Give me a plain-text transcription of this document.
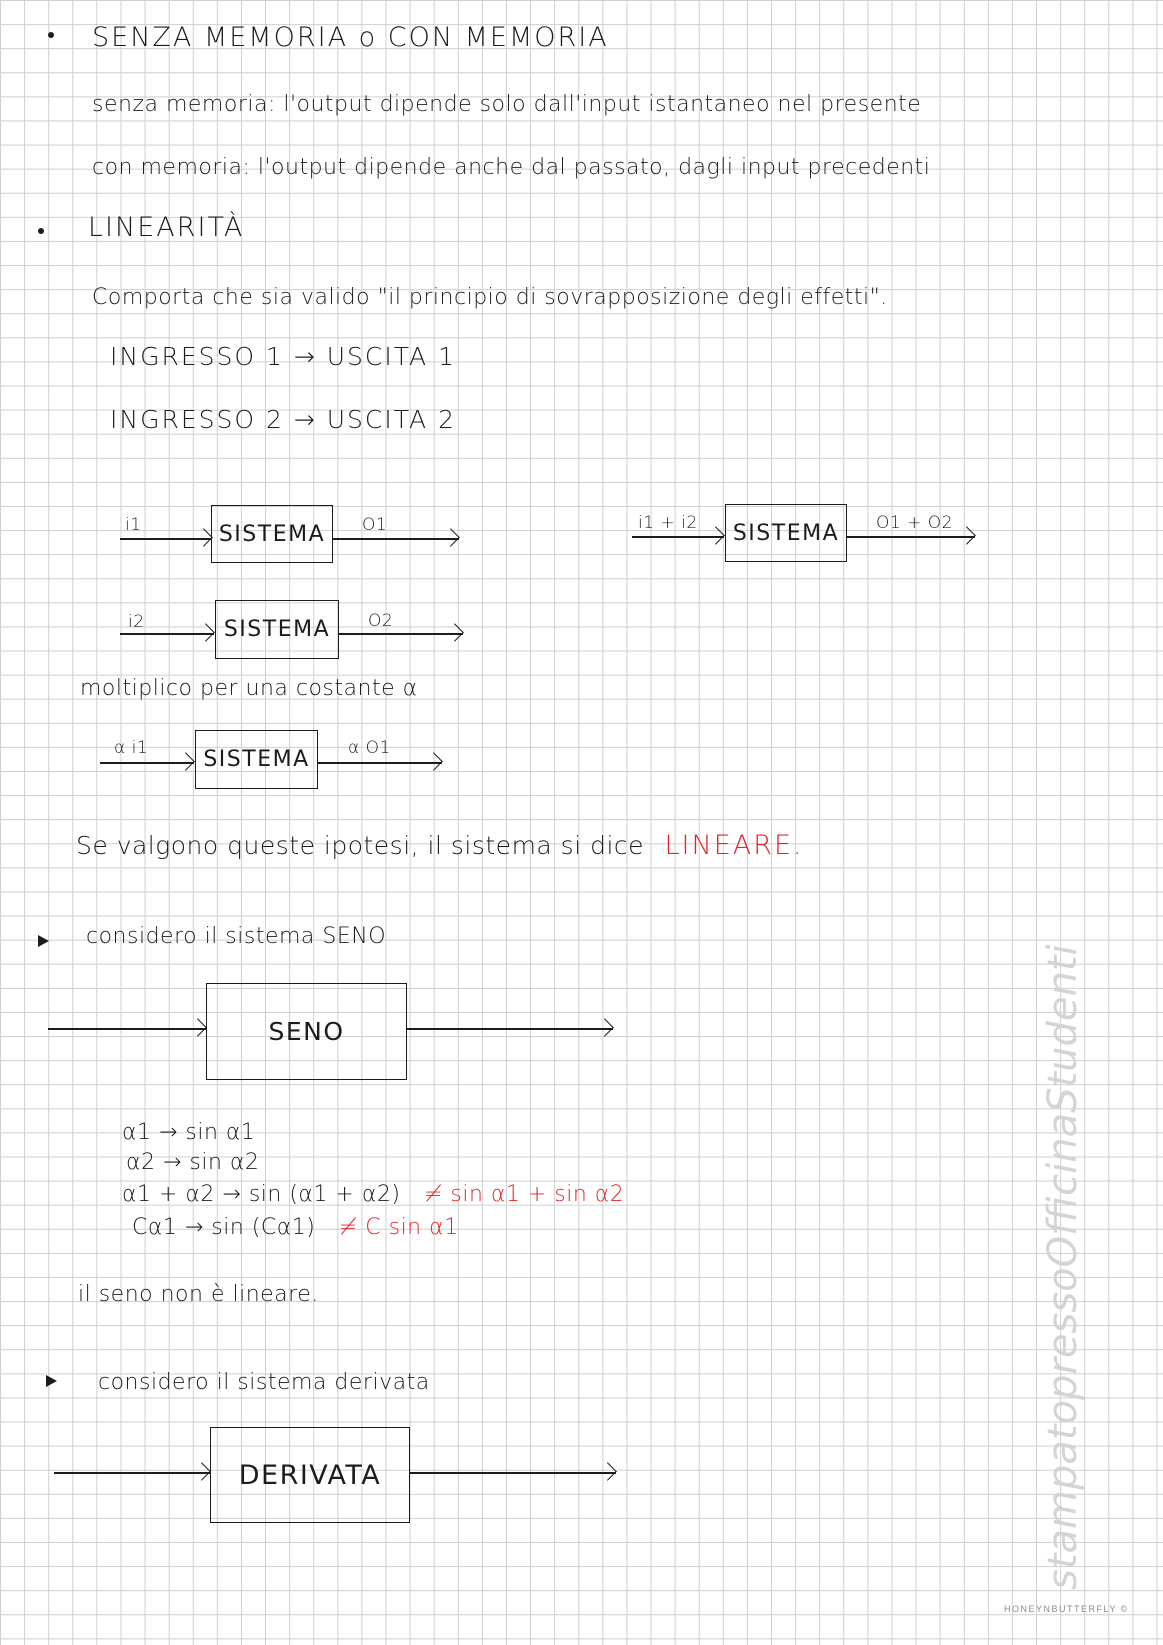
SENZA MEMORIA o CON MEMORIA
senza memoria: l'output dipende solo dall'input istantaneo nel presente
con memoria: l'output dipende anche dal passato, dagli input precedenti
LINEARITÀ
Comporta che sia valido "il principio di sovrapposizione degli effetti".
INGRESSO 1 → USCITA 1
INGRESSO 2 → USCITA 2
i1	SISTEMA	O1	i1 + i2	SISTEMA	O1 + O2
i2	SISTEMA	O2
moltiplico per una costante α
α i1	SISTEMA	α O1
Se valgono queste ipotesi, il sistema si dice LINEARE.
considero il sistema SENO
SENO
α1 → sin α1
α2 → sin α2
α1 + α2 → sin (α1 + α2) ≠ sin α1 + sin α2
Cα1 → sin (Cα1) ≠ C sin α1
il seno non è lineare.
considero il sistema derivata
DERIVATA	stampatopressoOfficinaStudenti
HONEYNBUTTERFLY ©
